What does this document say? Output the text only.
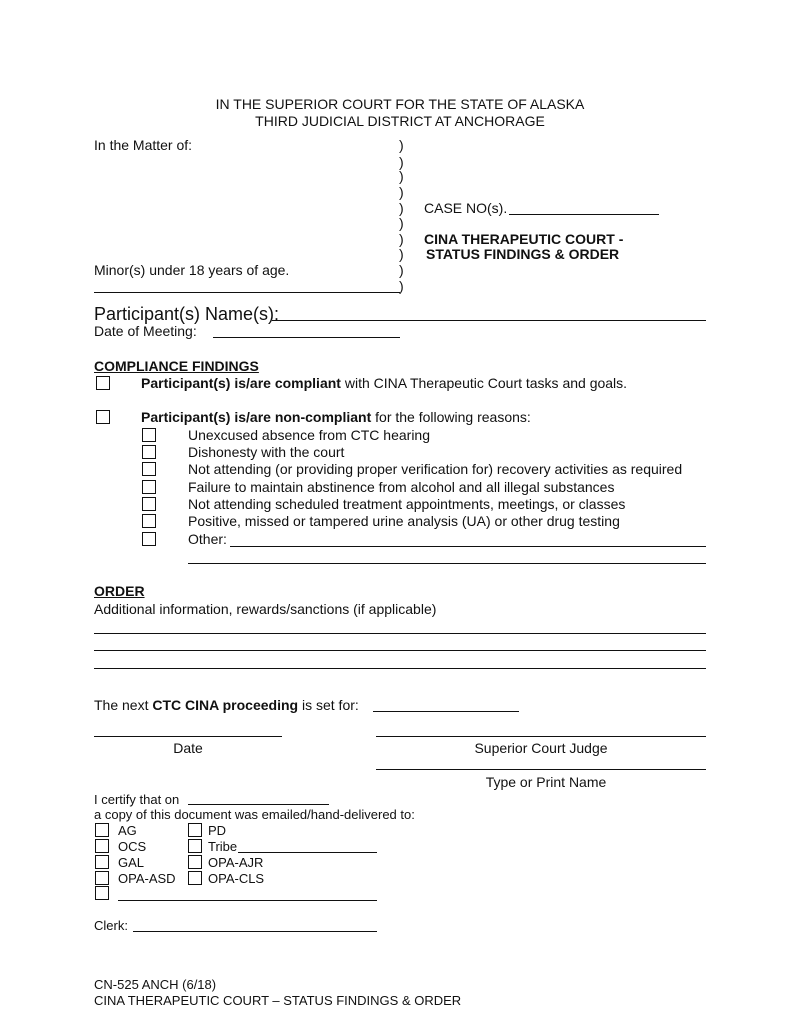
IN THE SUPERIOR COURT FOR THE STATE OF ALASKA
THIRD JUDICIAL DISTRICT AT ANCHORAGE
In the Matter of:	)
)
)
)
)
)
)
)
)
)
CASE NO(s).
CINA THERAPEUTIC COURT -
STATUS FINDINGS & ORDER
Minor(s) under 18 years of age.
Participant(s) Name(s):
Date of Meeting:
COMPLIANCE FINDINGS
Participant(s) is/are compliant with CINA Therapeutic Court tasks and goals.
Participant(s) is/are non-compliant for the following reasons:
Unexcused absence from CTC hearing
Dishonesty with the court
Not attending (or providing proper verification for) recovery activities as required
Failure to maintain abstinence from alcohol and all illegal substances
Not attending scheduled treatment appointments, meetings, or classes
Positive, missed or tampered urine analysis (UA) or other drug testing
Other:
ORDER
Additional information, rewards/sanctions (if applicable)
The next CTC CINA proceeding is set for:
Date	Superior Court Judge
Type or Print Name
I certify that on
a copy of this document was emailed/hand-delivered to:
AG
OCS
GAL
OPA-ASD
PD
Tribe
OPA-AJR
OPA-CLS
Clerk:
CN-525 ANCH (6/18)
CINA THERAPEUTIC COURT – STATUS FINDINGS & ORDER
